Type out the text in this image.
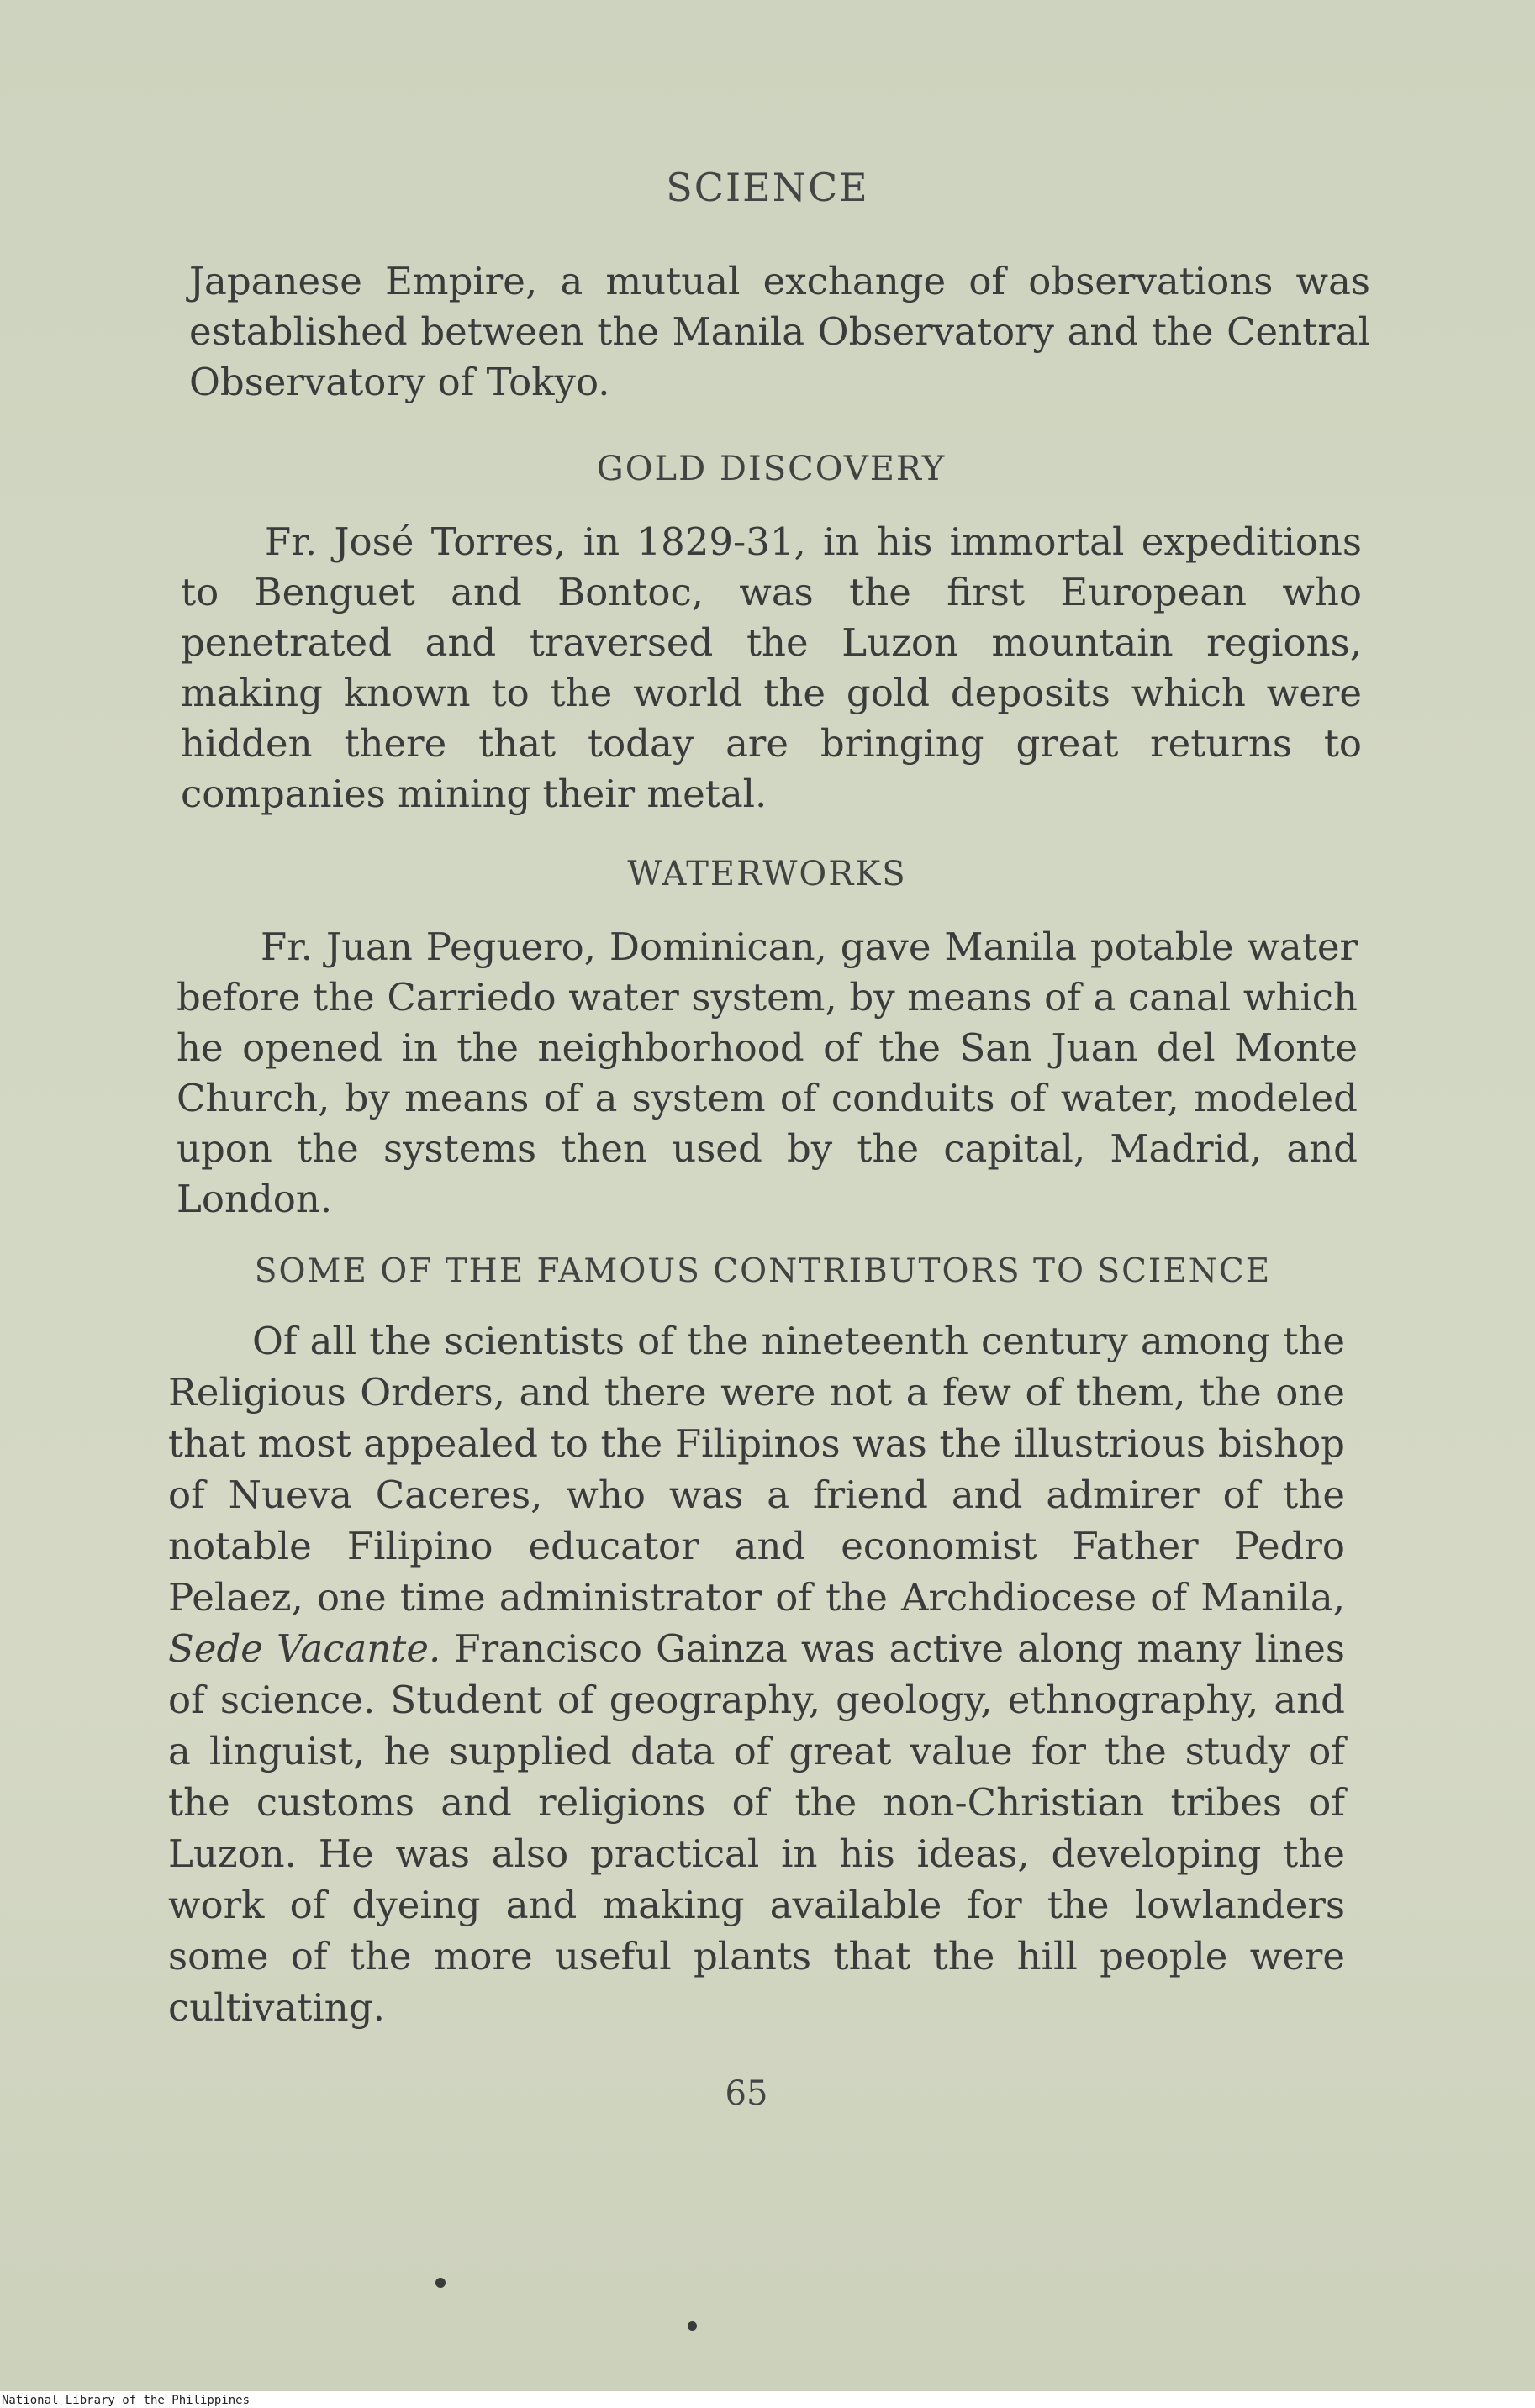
SCIENCE

Japanese Empire, a mutual exchange of observations was established between the Manila Observatory and the Central Observatory of Tokyo.

GOLD DISCOVERY

Fr. José Torres, in 1829-31, in his immortal expeditions to Benguet and Bontoc, was the first European who penetrated and traversed the Luzon mountain regions, making known to the world the gold deposits which were hidden there that today are bringing great returns to companies mining their metal.

WATERWORKS

Fr. Juan Peguero, Dominican, gave Manila potable water before the Carriedo water system, by means of a canal which he opened in the neighborhood of the San Juan del Monte Church, by means of a system of conduits of water, modeled upon the systems then used by the capital, Madrid, and London.

SOME OF THE FAMOUS CONTRIBUTORS TO SCIENCE

Of all the scientists of the nineteenth century among the Religious Orders, and there were not a few of them, the one that most appealed to the Filipinos was the illustrious bishop of Nueva Caceres, who was a friend and admirer of the notable Filipino educator and economist Father Pedro Pelaez, one time administrator of the Archdiocese of Manila, Sede Vacante. Francisco Gainza was active along many lines of science. Student of geography, geology, ethnography, and a linguist, he supplied data of great value for the study of the customs and religions of the non-Christian tribes of Luzon. He was also practical in his ideas, developing the work of dyeing and making available for the lowlanders some of the more useful plants that the hill people were cultivating.

65
National Library of the Philippines
